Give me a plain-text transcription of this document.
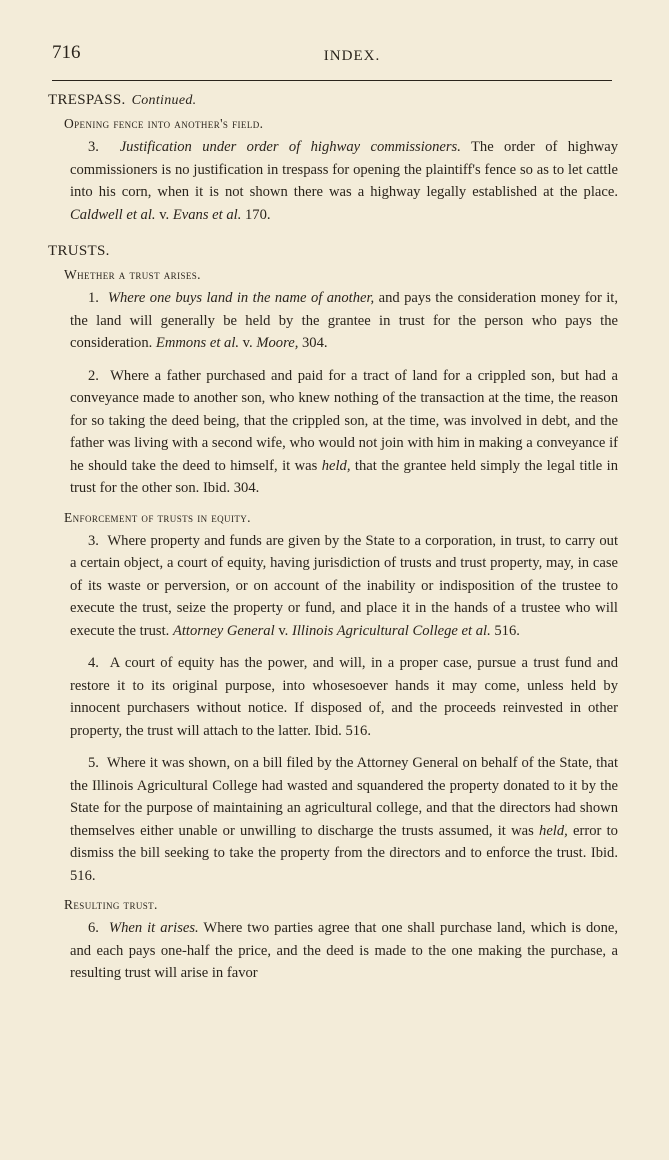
716	INDEX.
TRESPASS. Continued.
Opening fence into another's field.

3. Justification under order of highway commissioners. The order of highway commissioners is no justification in trespass for opening the plaintiff's fence so as to let cattle into his corn, when it is not shown there was a highway legally established at the place. Caldwell et al. v. Evans et al. 170.

TRUSTS.
Whether a trust arises.

1. Where one buys land in the name of another, and pays the consideration money for it, the land will generally be held by the grantee in trust for the person who pays the consideration. Emmons et al. v. Moore, 304.

2. Where a father purchased and paid for a tract of land for a crippled son, but had a conveyance made to another son, who knew nothing of the transaction at the time, the reason for so taking the deed being, that the crippled son, at the time, was involved in debt, and the father was living with a second wife, who would not join with him in making a conveyance if he should take the deed to himself, it was held, that the grantee held simply the legal title in trust for the other son. Ibid. 304.

Enforcement of trusts in equity.

3. Where property and funds are given by the State to a corporation, in trust, to carry out a certain object, a court of equity, having jurisdiction of trusts and trust property, may, in case of its waste or perversion, or on account of the inability or indisposition of the trustee to execute the trust, seize the property or fund, and place it in the hands of a trustee who will execute the trust. Attorney General v. Illinois Agricultural College et al. 516.

4. A court of equity has the power, and will, in a proper case, pursue a trust fund and restore it to its original purpose, into whosesoever hands it may come, unless held by innocent purchasers without notice. If disposed of, and the proceeds reinvested in other property, the trust will attach to the latter. Ibid. 516.

5. Where it was shown, on a bill filed by the Attorney General on behalf of the State, that the Illinois Agricultural College had wasted and squandered the property donated to it by the State for the purpose of maintaining an agricultural college, and that the directors had shown themselves either unable or unwilling to discharge the trusts assumed, it was held, error to dismiss the bill seeking to take the property from the directors and to enforce the trust. Ibid. 516.

Resulting trust.

6. When it arises. Where two parties agree that one shall purchase land, which is done, and each pays one-half the price, and the deed is made to the one making the purchase, a resulting trust will arise in favor
